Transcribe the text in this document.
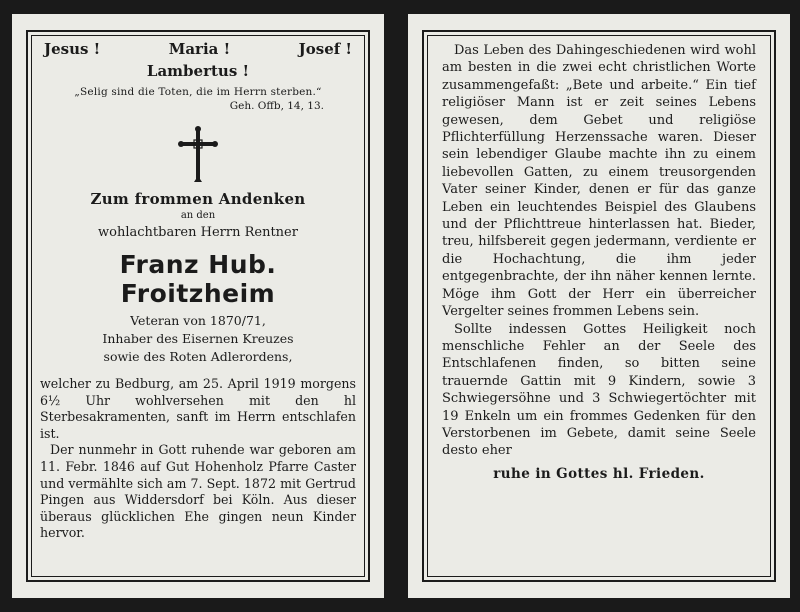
Jesus !	Maria !	Josef !
Lambertus !
„Selig sind die Toten, die im Herrn sterben.“
Geh. Offb, 14, 13.
Zum frommen Andenken
an den
wohlachtbaren Herrn Rentner
Franz Hub. Froitzheim
Veteran von 1870/71,
Inhaber des Eisernen Kreuzes
sowie des Roten Adlerordens,

welcher zu Bedburg, am 25. April 1919 morgens 6½ Uhr wohlversehen mit den hl Sterbesakramenten, sanft im Herrn entschlafen ist.

Der nunmehr in Gott ruhende war geboren am 11. Febr. 1846 auf Gut Hohenholz Pfarre Caster und vermählte sich am 7. Sept. 1872 mit Gertrud Pingen aus Widdersdorf bei Köln. Aus dieser überaus glücklichen Ehe gingen neun Kinder hervor.

Das Leben des Dahingeschiedenen wird wohl am besten in die zwei echt christlichen Worte zusammengefaßt: „Bete und arbeite.“ Ein tief religiöser Mann ist er zeit seines Lebens gewesen, dem Gebet und religiöse Pflichterfüllung Herzenssache waren. Dieser sein lebendiger Glaube machte ihn zu einem liebevollen Gatten, zu einem treusorgenden Vater seiner Kinder, denen er für das ganze Leben ein leuchtendes Beispiel des Glaubens und der Pflichttreue hinterlassen hat. Bieder, treu, hilfsbereit gegen jedermann, verdiente er die Hochachtung, die ihm jeder entgegenbrachte, der ihn näher kennen lernte. Möge ihm Gott der Herr ein überreicher Vergelter seines frommen Lebens sein.

Sollte indessen Gottes Heiligkeit noch menschliche Fehler an der Seele des Entschlafenen finden, so bitten seine trauernde Gattin mit 9 Kindern, sowie 3 Schwiegersöhne und 3 Schwiegertöchter mit 19 Enkeln um ein frommes Gedenken für den Verstorbenen im Gebete, damit seine Seele desto eher

ruhe in Gottes hl. Frieden.
